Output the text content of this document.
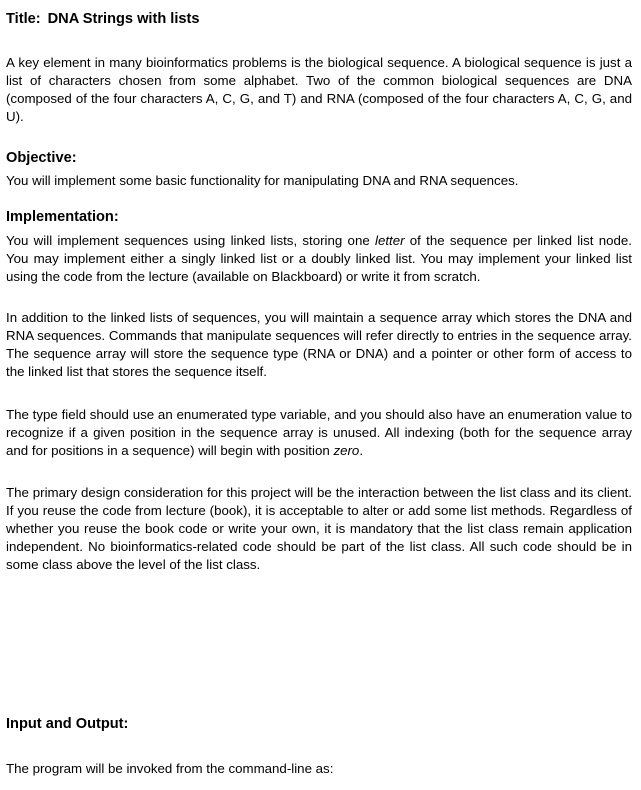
Title: DNA Strings with lists

A key element in many bioinformatics problems is the biological sequence. A biological sequence is just a list of characters chosen from some alphabet. Two of the common biological sequences are DNA (composed of the four characters A, C, G, and T) and RNA (composed of the four characters A, C, G, and U).

Objective:

You will implement some basic functionality for manipulating DNA and RNA sequences.

Implementation:

You will implement sequences using linked lists, storing one letter of the sequence per linked list node. You may implement either a singly linked list or a doubly linked list. You may implement your linked list using the code from the lecture (available on Blackboard) or write it from scratch.

In addition to the linked lists of sequences, you will maintain a sequence array which stores the DNA and RNA sequences. Commands that manipulate sequences will refer directly to entries in the sequence array. The sequence array will store the sequence type (RNA or DNA) and a pointer or other form of access to the linked list that stores the sequence itself.

The type field should use an enumerated type variable, and you should also have an enumeration value to recognize if a given position in the sequence array is unused. All indexing (both for the sequence array and for positions in a sequence) will begin with position zero.

The primary design consideration for this project will be the interaction between the list class and its client. If you reuse the code from lecture (book), it is acceptable to alter or add some list methods. Regardless of whether you reuse the book code or write your own, it is mandatory that the list class remain application independent. No bioinformatics-related code should be part of the list class. All such code should be in some class above the level of the list class.

Input and Output:

The program will be invoked from the command-line as:
